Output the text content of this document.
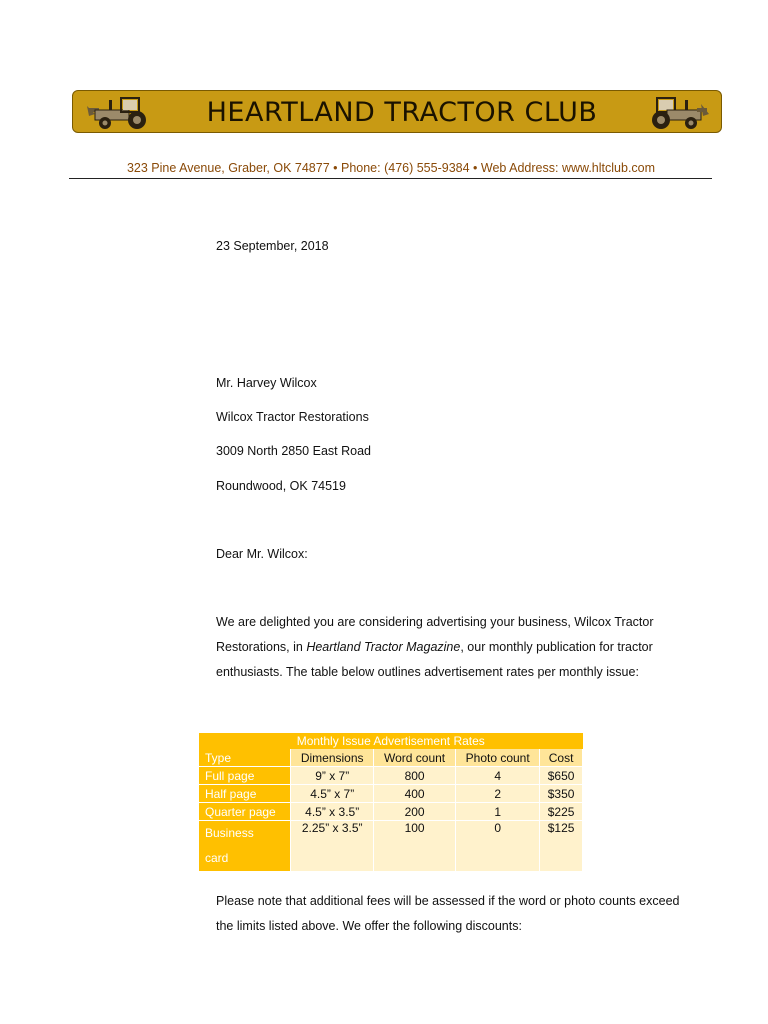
HEARTLAND TRACTOR CLUB
323 Pine Avenue, Graber, OK 74877 • Phone: (476) 555-9384 • Web Address: www.hltclub.com
23 September, 2018
Mr. Harvey Wilcox
Wilcox Tractor Restorations
3009 North 2850 East Road
Roundwood, OK 74519
Dear Mr. Wilcox:
We are delighted you are considering advertising your business, Wilcox Tractor
Restorations, in Heartland Tractor Magazine, our monthly publication for tractor
enthusiasts. The table below outlines advertisement rates per monthly issue:
Monthly Issue Advertisement Rates				
Type	Dimensions	Word count	Photo count	Cost
Full page	9” x 7”	800	4	$650
Half page	4.5” x 7”	400	2	$350
Quarter page	4.5” x 3.5”	200	1	$225
Business
card	2.25” x 3.5”	100	0	$125
Please note that additional fees will be assessed if the word or photo counts exceed
the limits listed above. We offer the following discounts:
